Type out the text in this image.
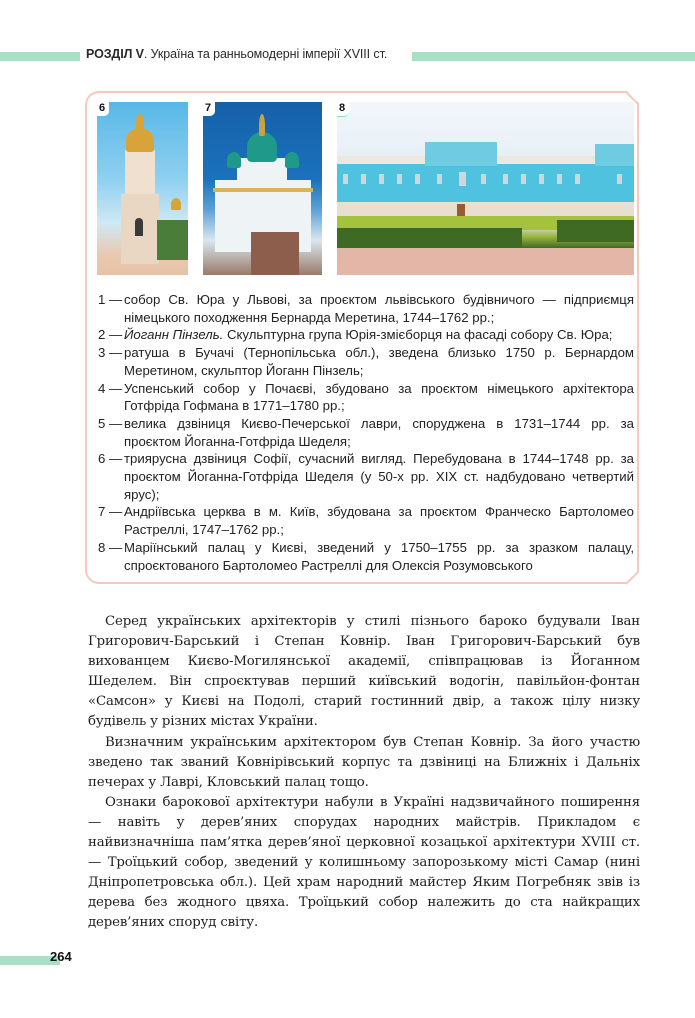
РОЗДІЛ V. Україна та ранньомодерні імперії XVIII ст.
6	7	8
1 — собор Св. Юра у Львові, за проєктом львівського будівничого — підприємця німецького походження Бернарда Меретина, 1744–1762 рр.;
2 — Йоганн Пінзель. Скульптурна група Юрія-змієборця на фасаді собору Св. Юра;
3 — ратуша в Бучачі (Тернопільська обл.), зведена близько 1750 р. Бернардом Меретином, скульптор Йоганн Пінзель;
4 — Успенський собор у Почаєві, збудовано за проєктом німецького архітектора Готфріда Гофмана в 1771–1780 рр.;
5 — велика дзвіниця Києво-Печерської лаври, споруджена в 1731–1744 рр. за проєктом Йоганна-Готфріда Шеделя;
6 — триярусна дзвіниця Софії, сучасний вигляд. Перебудована в 1744–1748 рр. за проєктом Йоганна-Готфріда Шеделя (у 50-х рр. XIX ст. надбудовано четвертий ярус);
7 — Андріївська церква в м. Київ, збудована за проєктом Франческо Бартоломео Растреллі, 1747–1762 рр.;
8 — Маріїнський палац у Києві, зведений у 1750–1755 рр. за зразком палацу, спроєктованого Бартоломео Растреллі для Олексія Розумовського

Серед українських архітекторів у стилі пізнього бароко будували Іван Григорович-Барський і Степан Ковнір. Іван Григорович-Барський був вихованцем Києво-Могилянської академії, співпрацював із Йоганном Шеделем. Він спроєктував перший київський водогін, павільйон-фонтан «Самсон» у Києві на Подолі, старий гостинний двір, а також цілу низку будівель у різних містах України.

Визначним українським архітектором був Степан Ковнір. За його участю зведено так званий Ковнірівський корпус та дзвіниці на Ближніх і Дальніх печерах у Лаврі, Кловський палац тощо.

Ознаки барокової архітектури набули в Україні надзвичайного поширення — навіть у дерев’яних спорудах народних майстрів. Прикладом є найвизначніша пам’ятка дерев’яної церковної козацької архітектури XVIII ст. — Троїцький собор, зведений у колишньому запорозькому місті Самар (нині Дніпропетровська обл.). Цей храм народний майстер Яким Погребняк звів із дерева без жодного цвяха. Троїцький собор належить до ста найкращих дерев’яних споруд світу.

264
